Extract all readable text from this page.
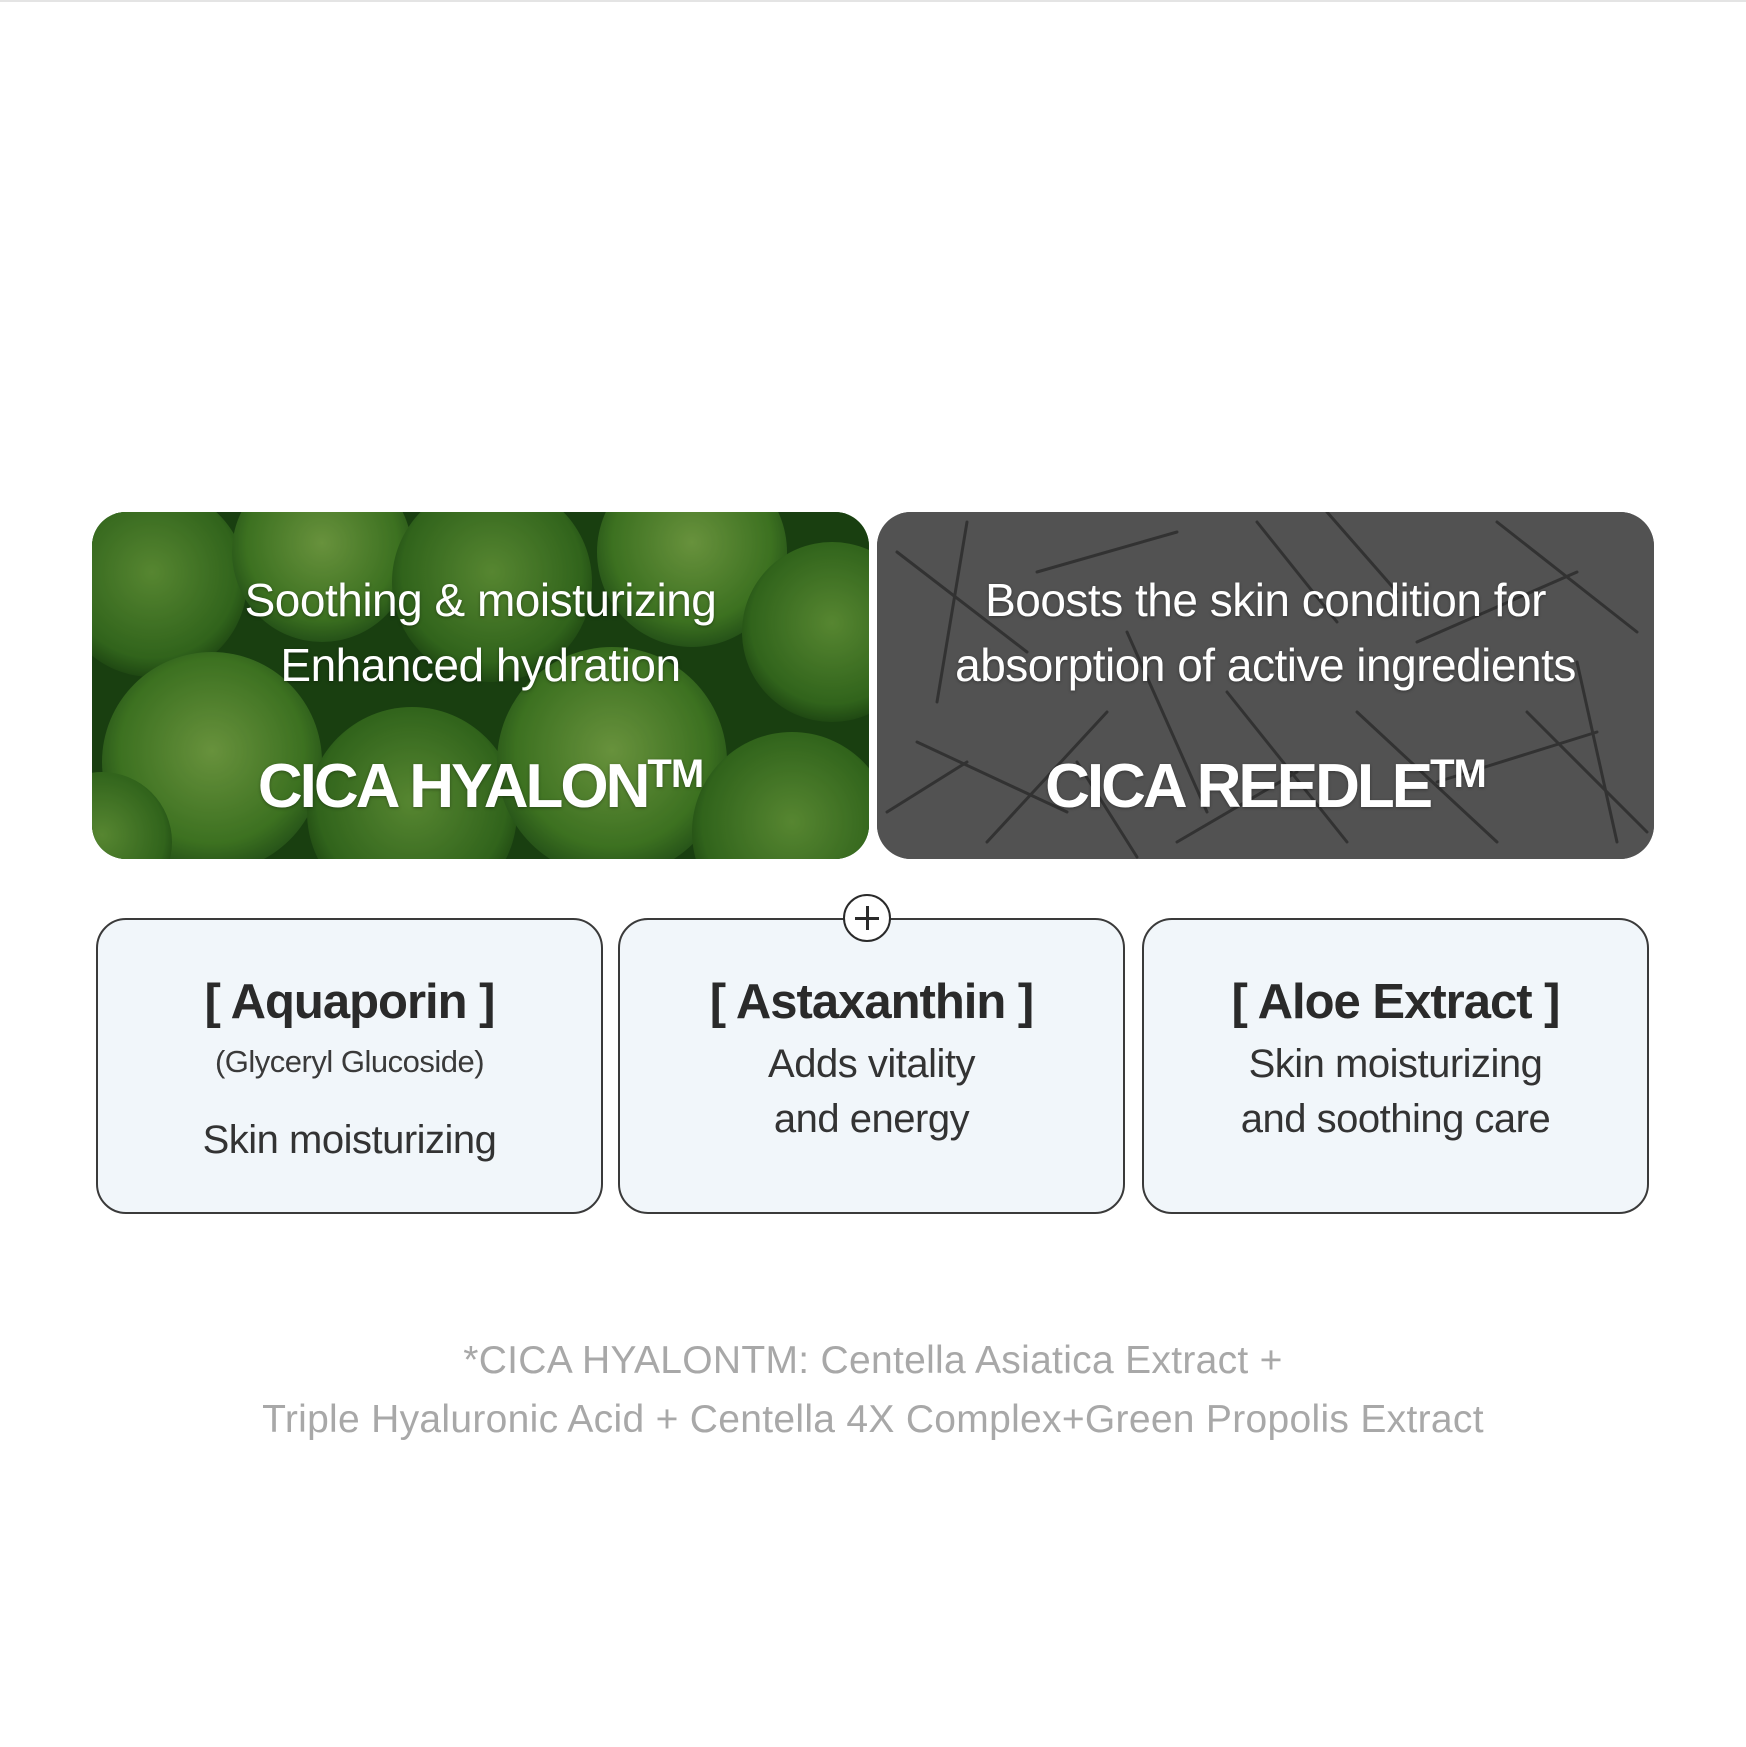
Soothing & moisturizing
Enhanced hydration
CICA HYALON™
Boosts the skin condition for
absorption of active ingredients
CICA REEDLE™
[ Aquaporin ]
(Glyceryl Glucoside)
Skin moisturizing
[ Astaxanthin ]
Adds vitality
and energy
[ Aloe Extract ]
Skin moisturizing
and soothing care
*CICA HYALONTM: Centella Asiatica Extract +
Triple Hyaluronic Acid + Centella 4X Complex+Green Propolis Extract
